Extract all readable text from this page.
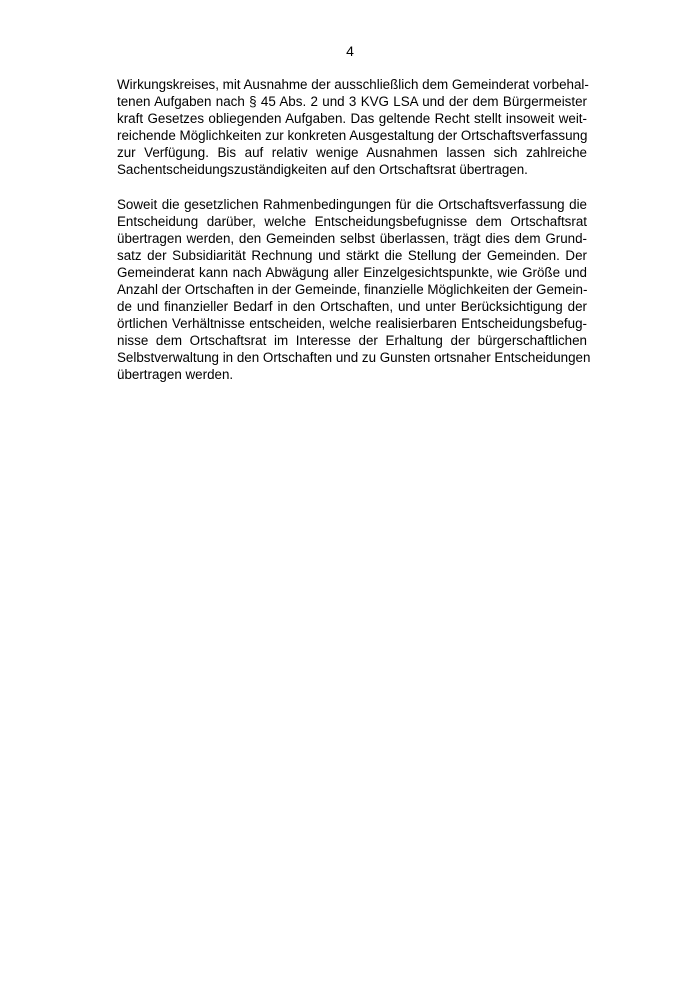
4

Wirkungskreises, mit Ausnahme der ausschließlich dem Gemeinderat vorbehal-
tenen Aufgaben nach § 45 Abs. 2 und 3 KVG LSA und der dem Bürgermeister
kraft Gesetzes obliegenden Aufgaben. Das geltende Recht stellt insoweit weit-
reichende Möglichkeiten zur konkreten Ausgestaltung der Ortschaftsverfassung
zur Verfügung. Bis auf relativ wenige Ausnahmen lassen sich zahlreiche
Sachentscheidungszuständigkeiten auf den Ortschaftsrat übertragen.

Soweit die gesetzlichen Rahmenbedingungen für die Ortschaftsverfassung die
Entscheidung darüber, welche Entscheidungsbefugnisse dem Ortschaftsrat
übertragen werden, den Gemeinden selbst überlassen, trägt dies dem Grund-
satz der Subsidiarität Rechnung und stärkt die Stellung der Gemeinden. Der
Gemeinderat kann nach Abwägung aller Einzelgesichtspunkte, wie Größe und
Anzahl der Ortschaften in der Gemeinde, finanzielle Möglichkeiten der Gemein-
de und finanzieller Bedarf in den Ortschaften, und unter Berücksichtigung der
örtlichen Verhältnisse entscheiden, welche realisierbaren Entscheidungsbefug-
nisse dem Ortschaftsrat im Interesse der Erhaltung der bürgerschaftlichen
Selbstverwaltung in den Ortschaften und zu Gunsten ortsnaher Entscheidungen
übertragen werden.
